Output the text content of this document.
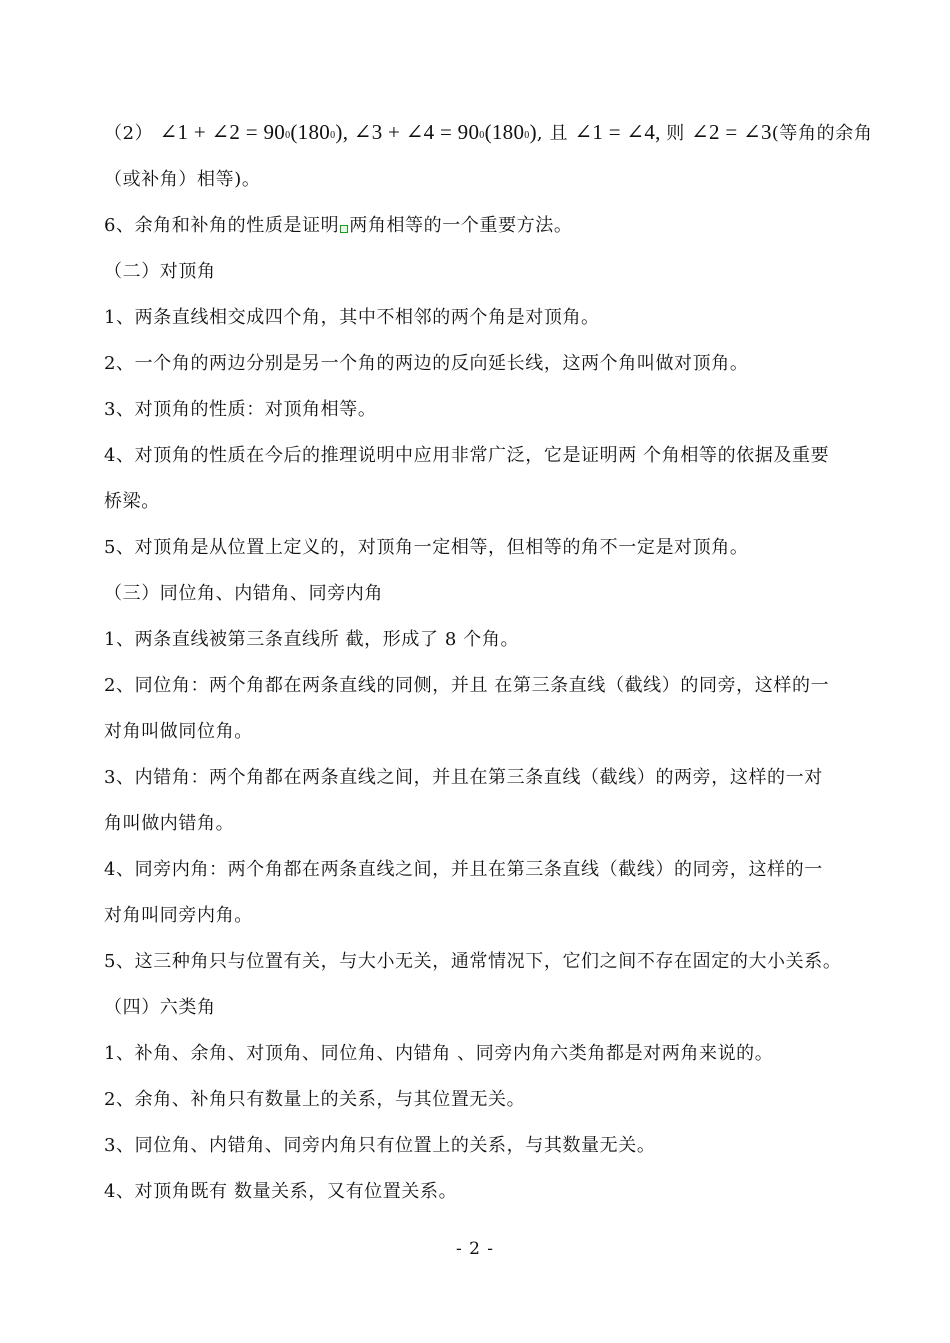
（2） ∠1 + ∠2 = 900(1800), ∠3 + ∠4 = 900(1800), 且 ∠1 = ∠4, 则 ∠2 = ∠3(等角的余角
（或补角）相等)。
6、余角和补角的性质是证明 两角相等的一个重要方法。
（二）对顶角
1、两条直线相交成四个角，其中不相邻的两个角是对顶角。
2、一个角的两边分别是另一个角的两边的反向延长线，这两个角叫做对顶角。
3、对顶角的性质：对顶角相等。
4、对顶角的性质在今后的推理说明中应用非常广泛，它是证明两 个角相等的依据及重要
桥梁。
5、对顶角是从位置上定义的，对顶角一定相等，但相等的角不一定是对顶角。
（三）同位角、内错角、同旁内角
1、两条直线被第三条直线所 截，形成了 8 个角。
2、同位角：两个角都在两条直线的同侧，并且 在第三条直线（截线）的同旁，这样的一
对角叫做同位角。
3、内错角：两个角都在两条直线之间，并且在第三条直线（截线）的两旁，这样的一对
角叫做内错角。
4、同旁内角：两个角都在两条直线之间，并且在第三条直线（截线）的同旁，这样的一
对角叫同旁内角。
5、这三种角只与位置有关，与大小无关，通常情况下，它们之间不存在固定的大小关系。
（四）六类角
1、补角、余角、对顶角、同位角、内错角 、同旁内角六类角都是对两角来说的。
2、余角、补角只有数量上的关系，与其位置无关。
3、同位角、内错角、同旁内角只有位置上的关系，与其数量无关。
4、对顶角既有 数量关系，又有位置关系。
- 2 -
